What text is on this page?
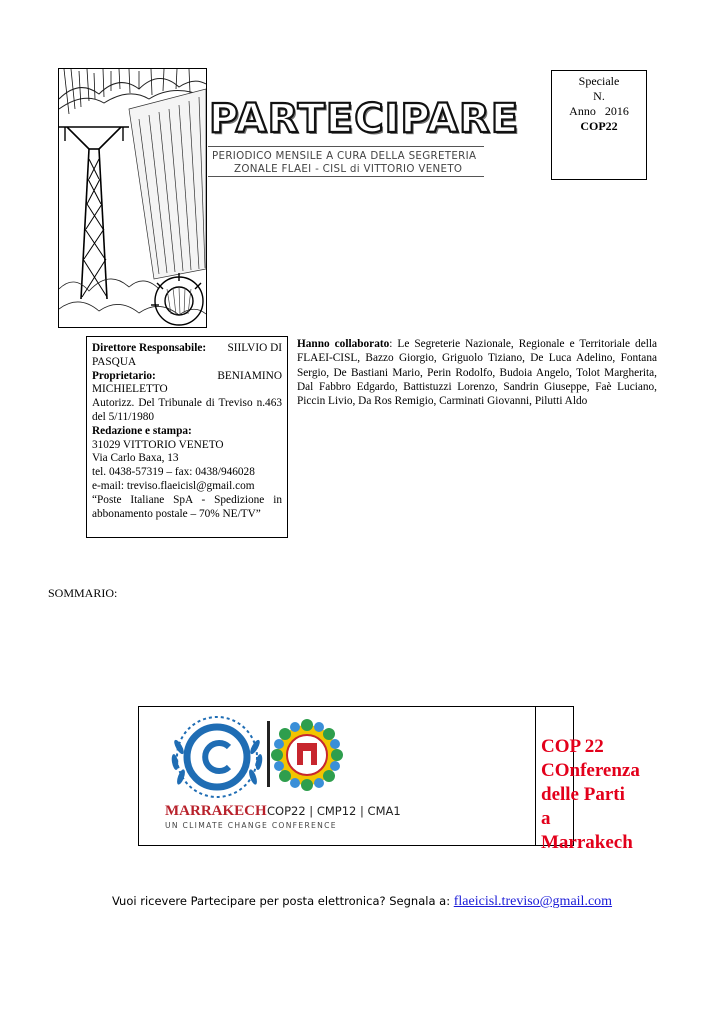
PARTECIPARE
PERIODICO MENSILE A CURA DELLA SEGRETERIA
ZONALE FLAEI - CISL di VITTORIO VENETO
Speciale
N.
Anno 2016
COP22
Direttore Responsabile: SIILVIO DI
PASQUA
Proprietario:	BENIAMINO
MICHIELETTO
Autorizz. Del Tribunale di Treviso n.463 del 5/11/1980
Redazione e stampa:
31029 VITTORIO VENETO
Via Carlo Baxa, 13
tel. 0438-57319 – fax: 0438/946028
e-mail: treviso.flaeicisl@gmail.com
“Poste Italiane SpA - Spedizione in abbonamento postale – 70% NE/TV”
Hanno collaborato: Le Segreterie Nazionale, Regionale e Territoriale della FLAEI-CISL, Bazzo Giorgio, Griguolo Tiziano, De Luca Adelino, Fontana Sergio, De Bastiani Mario, Perin Rodolfo, Budoia Angelo, Tolot Margherita, Dal Fabbro Edgardo, Battistuzzi Lorenzo, Sandrin Giuseppe, Faè Luciano, Piccin Livio, Da Ros Remigio, Carminati Giovanni, Pilutti Aldo
SOMMARIO:
MARRAKECH COP22 | CMP12 | CMA1
UN CLIMATE CHANGE CONFERENCE
COP 22
COnferenza
delle Parti
a Marrakech
Vuoi ricevere Partecipare per posta elettronica? Segnala a: flaeicisl.treviso@gmail.com
